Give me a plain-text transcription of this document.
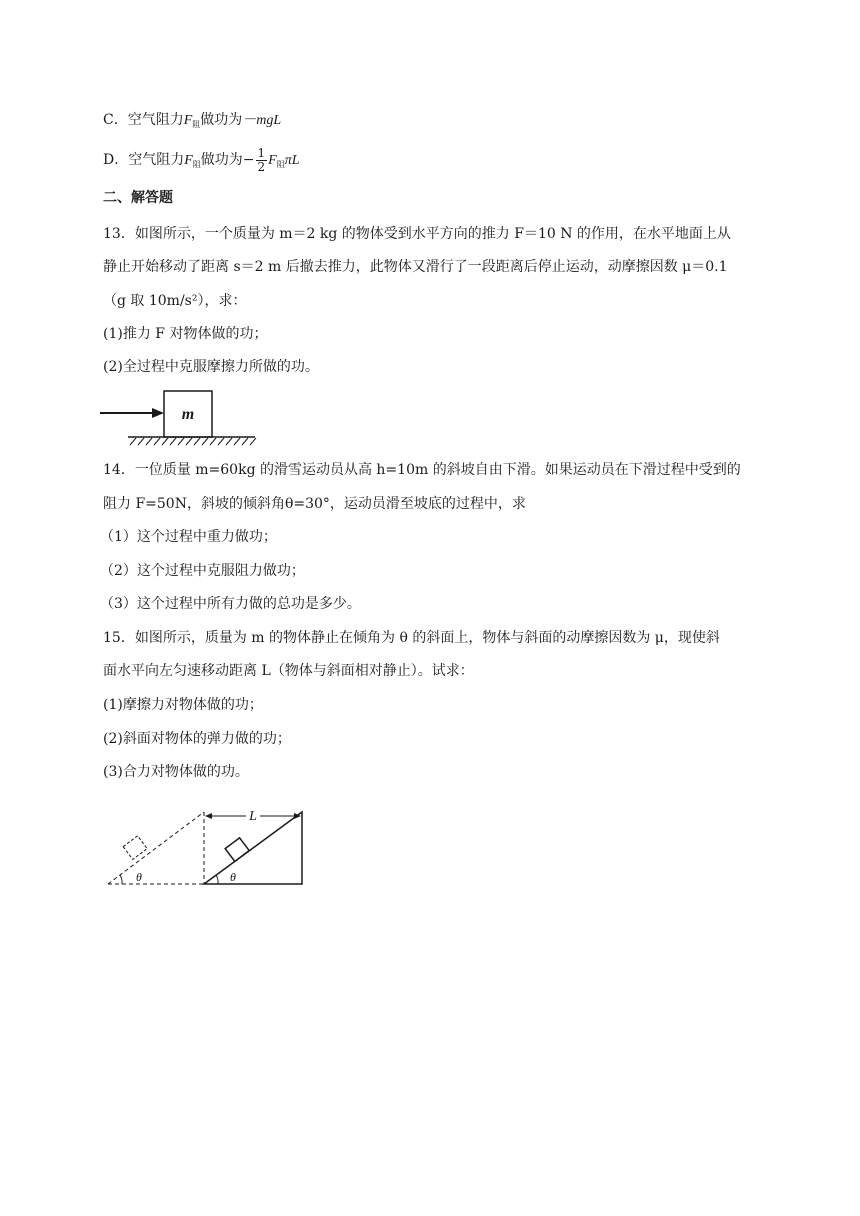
C．空气阻力$F_阻$做功为－mgL
D．空气阻力$F_阻$做功为− $\frac{1}{2} F_阻\pi L$
二、解答题
13．如图所示，一个质量为 m＝2 kg 的物体受到水平方向的推力 F＝10 N 的作用，在水平地面上从
静止开始移动了距离 s＝2 m 后撤去推力，此物体又滑行了一段距离后停止运动，动摩擦因数 μ＝0.1
（g 取 10m/s²），求：
(1)推力 F 对物体做的功；
(2)全过程中克服摩擦力所做的功。
m
14．一位质量 m=60kg 的滑雪运动员从高 h=10m 的斜坡自由下滑。如果运动员在下滑过程中受到的
阻力 F=50N，斜坡的倾斜角θ=30°，运动员滑至坡底的过程中，求
（1）这个过程中重力做功；
（2）这个过程中克服阻力做功；
（3）这个过程中所有力做的总功是多少。
15．如图所示，质量为 m 的物体静止在倾角为 θ 的斜面上，物体与斜面的动摩擦因数为 μ，现使斜
面水平向左匀速移动距离 L（物体与斜面相对静止）。试求：
(1)摩擦力对物体做的功；
(2)斜面对物体的弹力做的功；
(3)合力对物体做的功。
θ	θ
L
